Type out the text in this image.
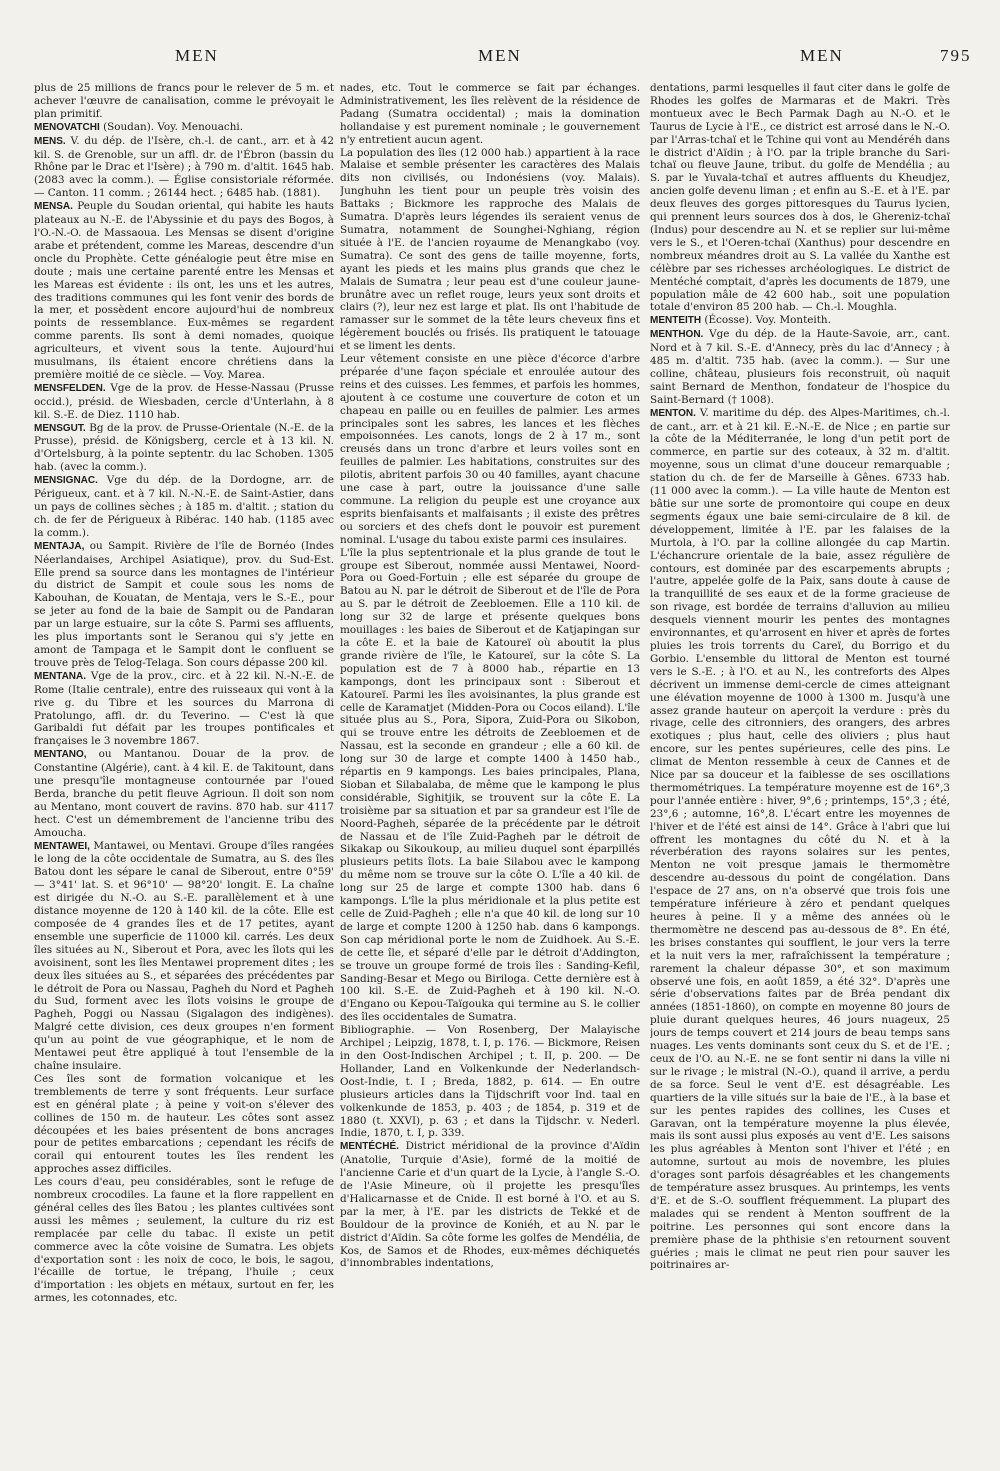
MEN	MEN	MEN	795

plus de 25 millions de francs pour le relever de 5 m. et achever l'œuvre de canalisation, comme le prévoyait le plan primitif.

MENOVATCHI (Soudan). Voy. Menouachi.

MENS. V. du dép. de l'Isère, ch.-l. de cant., arr. et à 42 kil. S. de Grenoble, sur un affl. dr. de l'Ébron (bassin du Rhône par le Drac et l'Isère) ; à 790 m. d'altit. 1645 hab. (2083 avec la comm.). — Église consistoriale réformée. — Canton. 11 comm. ; 26144 hect. ; 6485 hab. (1881).

MENSA. Peuple du Soudan oriental, qui habite les hauts plateaux au N.-E. de l'Abyssinie et du pays des Bogos, à l'O.-N.-O. de Massaoua. Les Mensas se disent d'origine arabe et prétendent, comme les Mareas, descendre d'un oncle du Prophète. Cette généalogie peut être mise en doute ; mais une certaine parenté entre les Mensas et les Mareas est évidente : ils ont, les uns et les autres, des traditions communes qui les font venir des bords de la mer, et possèdent encore aujourd'hui de nombreux points de ressemblance. Eux-mêmes se regardent comme parents. Ils sont à demi nomades, quoique agriculteurs, et vivent sous la tente. Aujourd'hui musulmans, ils étaient encore chrétiens dans la première moitié de ce siècle. — Voy. Marea.

MENSFELDEN. Vge de la prov. de Hesse-Nassau (Prusse occid.), présid. de Wiesbaden, cercle d'Unterlahn, à 8 kil. S.-E. de Diez. 1110 hab.

MENSGUT. Bg de la prov. de Prusse-Orientale (N.-E. de la Prusse), présid. de Königsberg, cercle et à 13 kil. N. d'Ortelsburg, à la pointe septentr. du lac Schoben. 1305 hab. (avec la comm.).

MENSIGNAC. Vge du dép. de la Dordogne, arr. de Périgueux, cant. et à 7 kil. N.-N.-E. de Saint-Astier, dans un pays de collines sèches ; à 185 m. d'altit. ; station du ch. de fer de Périgueux à Ribérac. 140 hab. (1185 avec la comm.).

MENTAJA, ou Sampit. Rivière de l'île de Bornéo (Indes Néerlandaises, Archipel Asiatique), prov. du Sud-Est. Elle prend sa source dans les montagnes de l'intérieur du district de Sampit et coule sous les noms de Kabouhan, de Kouatan, de Mentaja, vers le S.-E., pour se jeter au fond de la baie de Sampit ou de Pandaran par un large estuaire, sur la côte S. Parmi ses affluents, les plus importants sont le Seranou qui s'y jette en amont de Tampaga et le Sampit dont le confluent se trouve près de Telog-Telaga. Son cours dépasse 200 kil.

MENTANA. Vge de la prov., circ. et à 22 kil. N.-N.-E. de Rome (Italie centrale), entre des ruisseaux qui vont à la rive g. du Tibre et les sources du Marrona di Pratolungo, affl. dr. du Teverino. — C'est là que Garibaldi fut défait par les troupes pontificales et françaises le 3 novembre 1867.

MENTANO, ou Mantanou. Douar de la prov. de Constantine (Algérie), cant. à 4 kil. E. de Takitount, dans une presqu'île montagneuse contournée par l'oued Berda, branche du petit fleuve Agrioun. Il doit son nom au Mentano, mont couvert de ravins. 870 hab. sur 4117 hect. C'est un démembrement de l'ancienne tribu des Amoucha.

MENTAWEI, Mantawei, ou Mentavi. Groupe d'îles rangées le long de la côte occidentale de Sumatra, au S. des îles Batou dont les sépare le canal de Siberout, entre 0°59' — 3°41' lat. S. et 96°10' — 98°20' longit. E. La chaîne est dirigée du N.-O. au S.-E. parallèlement et à une distance moyenne de 120 à 140 kil. de la côte. Elle est composée de 4 grandes îles et de 17 petites, ayant ensemble une superficie de 11000 kil. carrés. Les deux îles situées au N., Siberout et Pora, avec les îlots qui les avoisinent, sont les îles Mentawei proprement dites ; les deux îles situées au S., et séparées des précédentes par le détroit de Pora ou Nassau, Pagheh du Nord et Pagheh du Sud, forment avec les îlots voisins le groupe de Pagheh, Poggi ou Nassau (Sigalagon des indigènes). Malgré cette division, ces deux groupes n'en forment qu'un au point de vue géographique, et le nom de Mentawei peut être appliqué à tout l'ensemble de la chaîne insulaire.

Ces îles sont de formation volcanique et les tremblements de terre y sont fréquents. Leur surface est en général plate ; à peine y voit-on s'élever des collines de 150 m. de hauteur. Les côtes sont assez découpées et les baies présentent de bons ancrages pour de petites embarcations ; cependant les récifs de corail qui entourent toutes les îles rendent les approches assez difficiles.

Les cours d'eau, peu considérables, sont le refuge de nombreux crocodiles. La faune et la flore rappellent en général celles des îles Batou ; les plantes cultivées sont aussi les mêmes ; seulement, la culture du riz est remplacée par celle du tabac. Il existe un petit commerce avec la côte voisine de Sumatra. Les objets d'exportation sont : les noix de coco, le bois, le sagou, l'écaille de tortue, le trépang, l'huile ; ceux d'importation : les objets en métaux, surtout en fer, les armes, les cotonnades, etc.

nades, etc. Tout le commerce se fait par échanges. Administrativement, les îles relèvent de la résidence de Padang (Sumatra occidental) ; mais la domination hollandaise y est purement nominale ; le gouvernement n'y entretient aucun agent.

La population des îles (12 000 hab.) appartient à la race Malaise et semble présenter les caractères des Malais dits non civilisés, ou Indonésiens (voy. Malais). Junghuhn les tient pour un peuple très voisin des Battaks ; Bickmore les rapproche des Malais de Sumatra. D'après leurs légendes ils seraient venus de Sumatra, notamment de Sounghei-Nghiang, région située à l'E. de l'ancien royaume de Menangkabo (voy. Sumatra). Ce sont des gens de taille moyenne, forts, ayant les pieds et les mains plus grands que chez le Malais de Sumatra ; leur peau est d'une couleur jaune-brunâtre avec un reflet rouge, leurs yeux sont droits et clairs (?), leur nez est large et plat. Ils ont l'habitude de ramasser sur le sommet de la tête leurs cheveux fins et légèrement bouclés ou frisés. Ils pratiquent le tatouage et se liment les dents.

Leur vêtement consiste en une pièce d'écorce d'arbre préparée d'une façon spéciale et enroulée autour des reins et des cuisses. Les femmes, et parfois les hommes, ajoutent à ce costume une couverture de coton et un chapeau en paille ou en feuilles de palmier. Les armes principales sont les sabres, les lances et les flèches empoisonnées. Les canots, longs de 2 à 17 m., sont creusés dans un tronc d'arbre et leurs voiles sont en feuilles de palmier. Les habitations, construites sur des pilotis, abritent parfois 30 ou 40 familles, ayant chacune une case à part, outre la jouissance d'une salle commune. La religion du peuple est une croyance aux esprits bienfaisants et malfaisants ; il existe des prêtres ou sorciers et des chefs dont le pouvoir est purement nominal. L'usage du tabou existe parmi ces insulaires.

L'île la plus septentrionale et la plus grande de tout le groupe est Siberout, nommée aussi Mentawei, Noord-Pora ou Goed-Fortuin ; elle est séparée du groupe de Batou au N. par le détroit de Siberout et de l'île de Pora au S. par le détroit de Zeebloemen. Elle a 110 kil. de long sur 32 de large et présente quelques bons mouillages : les baies de Siberout et de Katjapingan sur la côte E. et la baie de Katoureï où aboutit la plus grande rivière de l'île, le Katoureï, sur la côte S. La population est de 7 à 8000 hab., répartie en 13 kampongs, dont les principaux sont : Siberout et Katoureï. Parmi les îles avoisinantes, la plus grande est celle de Karamatjet (Midden-Pora ou Cocos eiland). L'île située plus au S., Pora, Sipora, Zuid-Pora ou Sikobon, qui se trouve entre les détroits de Zeebloemen et de Nassau, est la seconde en grandeur ; elle a 60 kil. de long sur 30 de large et compte 1400 à 1450 hab., répartis en 9 kampongs. Les baies principales, Plana, Sioban et Silabalaba, de même que le kampong le plus considérable, Sighitjik, se trouvent sur la côte E. La troisième par sa situation et par sa grandeur est l'île de Noord-Pagheh, séparée de la précédente par le détroit de Nassau et de l'île Zuid-Pagheh par le détroit de Sikakap ou Sikoukoup, au milieu duquel sont éparpillés plusieurs petits îlots. La baie Silabou avec le kampong du même nom se trouve sur la côte O. L'île a 40 kil. de long sur 25 de large et compte 1300 hab. dans 6 kampongs. L'île la plus méridionale et la plus petite est celle de Zuid-Pagheh ; elle n'a que 40 kil. de long sur 10 de large et compte 1200 à 1250 hab. dans 6 kampongs. Son cap méridional porte le nom de Zuidhoek. Au S.-E. de cette île, et séparé d'elle par le détroit d'Addington, se trouve un groupe formé de trois îles : Sanding-Kefil, Sanding-Besar et Mego ou Biriloga. Cette dernière est à 100 kil. S.-E. de Zuid-Pagheh et à 190 kil. N.-O. d'Engano ou Kepou-Taïgouka qui termine au S. le collier des îles occidentales de Sumatra.

Bibliographie. — Von Rosenberg, Der Malayische Archipel ; Leipzig, 1878, t. I, p. 176. — Bickmore, Reisen in den Oost-Indischen Archipel ; t. II, p. 200. — De Hollander, Land en Volkenkunde der Nederlandsch-Oost-Indie, t. I ; Breda, 1882, p. 614. — En outre plusieurs articles dans la Tijdschrift voor Ind. taal en volkenkunde de 1853, p. 403 ; de 1854, p. 319 et de 1880 (t. XXVI), p. 63 ; et dans la Tijdschr. v. Nederl. Indie, 1870, t. I, p. 339.

MENTÉCHÉ. District méridional de la province d'Aïdin (Anatolie, Turquie d'Asie), formé de la moitié de l'ancienne Carie et d'un quart de la Lycie, à l'angle S.-O. de l'Asie Mineure, où il projette les presqu'îles d'Halicarnasse et de Cnide. Il est borné à l'O. et au S. par la mer, à l'E. par les districts de Tekké et de Bouldour de la province de Koniéh, et au N. par le district d'Aïdin. Sa côte forme les golfes de Mendélia, de Kos, de Samos et de Rhodes, eux-mêmes déchiquetés d'innombrables indentations,

dentations, parmi lesquelles il faut citer dans le golfe de Rhodes les golfes de Marmaras et de Makri. Très montueux avec le Bech Parmak Dagh au N.-O. et le Taurus de Lycie à l'E., ce district est arrosé dans le N.-O. par l'Arras-tchaï et le Tchine qui vont au Mendéréh dans le district d'Aïdin ; à l'O. par la triple branche du Sari-tchaï ou fleuve Jaune, tribut. du golfe de Mendélia ; au S. par le Yuvala-tchaï et autres affluents du Kheudjez, ancien golfe devenu liman ; et enfin au S.-E. et à l'E. par deux fleuves des gorges pittoresques du Taurus lycien, qui prennent leurs sources dos à dos, le Ghereniz-tchaï (Indus) pour descendre au N. et se replier sur lui-même vers le S., et l'Oeren-tchaï (Xanthus) pour descendre en nombreux méandres droit au S. La vallée du Xanthe est célèbre par ses richesses archéologiques. Le district de Mentéché comptait, d'après les documents de 1879, une population mâle de 42 600 hab., soit une population totale d'environ 85 200 hab. — Ch.-l. Moughla.

MENTEITH (Écosse). Voy. Monteith.

MENTHON. Vge du dép. de la Haute-Savoie, arr., cant. Nord et à 7 kil. S.-E. d'Annecy, près du lac d'Annecy ; à 485 m. d'altit. 735 hab. (avec la comm.). — Sur une colline, château, plusieurs fois reconstruit, où naquit saint Bernard de Menthon, fondateur de l'hospice du Saint-Bernard († 1008).

MENTON. V. maritime du dép. des Alpes-Maritimes, ch.-l. de cant., arr. et à 21 kil. E.-N.-E. de Nice ; en partie sur la côte de la Méditerranée, le long d'un petit port de commerce, en partie sur des coteaux, à 32 m. d'altit. moyenne, sous un climat d'une douceur remarquable ; station du ch. de fer de Marseille à Gênes. 6733 hab. (11 000 avec la comm.). — La ville haute de Menton est bâtie sur une sorte de promontoire qui coupe en deux segments égaux une baie semi-circulaire de 8 kil. de développement, limitée à l'E. par les falaises de la Murtola, à l'O. par la colline allongée du cap Martin. L'échancrure orientale de la baie, assez régulière de contours, est dominée par des escarpements abrupts ; l'autre, appelée golfe de la Paix, sans doute à cause de la tranquillité de ses eaux et de la forme gracieuse de son rivage, est bordée de terrains d'alluvion au milieu desquels viennent mourir les pentes des montagnes environnantes, et qu'arrosent en hiver et après de fortes pluies les trois torrents du Careï, du Borrigo et du Gorbio. L'ensemble du littoral de Menton est tourné vers le S.-E. ; à l'O. et au N., les contreforts des Alpes décrivent un immense demi-cercle de cimes atteignant une élévation moyenne de 1000 à 1300 m. Jusqu'à une assez grande hauteur on aperçoit la verdure : près du rivage, celle des citronniers, des orangers, des arbres exotiques ; plus haut, celle des oliviers ; plus haut encore, sur les pentes supérieures, celle des pins. Le climat de Menton ressemble à ceux de Cannes et de Nice par sa douceur et la faiblesse de ses oscillations thermométriques. La température moyenne est de 16°,3 pour l'année entière : hiver, 9°,6 ; printemps, 15°,3 ; été, 23°,6 ; automne, 16°,8. L'écart entre les moyennes de l'hiver et de l'été est ainsi de 14°. Grâce à l'abri que lui offrent les montagnes du côté du N. et à la réverbération des rayons solaires sur les pentes, Menton ne voit presque jamais le thermomètre descendre au-dessous du point de congélation. Dans l'espace de 27 ans, on n'a observé que trois fois une température inférieure à zéro et pendant quelques heures à peine. Il y a même des années où le thermomètre ne descend pas au-dessous de 8°. En été, les brises constantes qui soufflent, le jour vers la terre et la nuit vers la mer, rafraîchissent la température ; rarement la chaleur dépasse 30°, et son maximum observé une fois, en août 1859, a été 32°. D'après une série d'observations faites par de Bréa pendant dix années (1851-1860), on compte en moyenne 80 jours de pluie durant quelques heures, 46 jours nuageux, 25 jours de temps couvert et 214 jours de beau temps sans nuages. Les vents dominants sont ceux du S. et de l'E. ; ceux de l'O. au N.-E. ne se font sentir ni dans la ville ni sur le rivage ; le mistral (N.-O.), quand il arrive, a perdu de sa force. Seul le vent d'E. est désagréable. Les quartiers de la ville situés sur la baie de l'E., à la base et sur les pentes rapides des collines, les Cuses et Garavan, ont la température moyenne la plus élevée, mais ils sont aussi plus exposés au vent d'E. Les saisons les plus agréables à Menton sont l'hiver et l'été ; en automne, surtout au mois de novembre, les pluies d'orages sont parfois désagréables et les changements de température assez brusques. Au printemps, les vents d'E. et de S.-O. soufflent fréquemment. La plupart des malades qui se rendent à Menton souffrent de la poitrine. Les personnes qui sont encore dans la première phase de la phthisie s'en retournent souvent guéries ; mais le climat ne peut rien pour sauver les poitrinaires ar-
